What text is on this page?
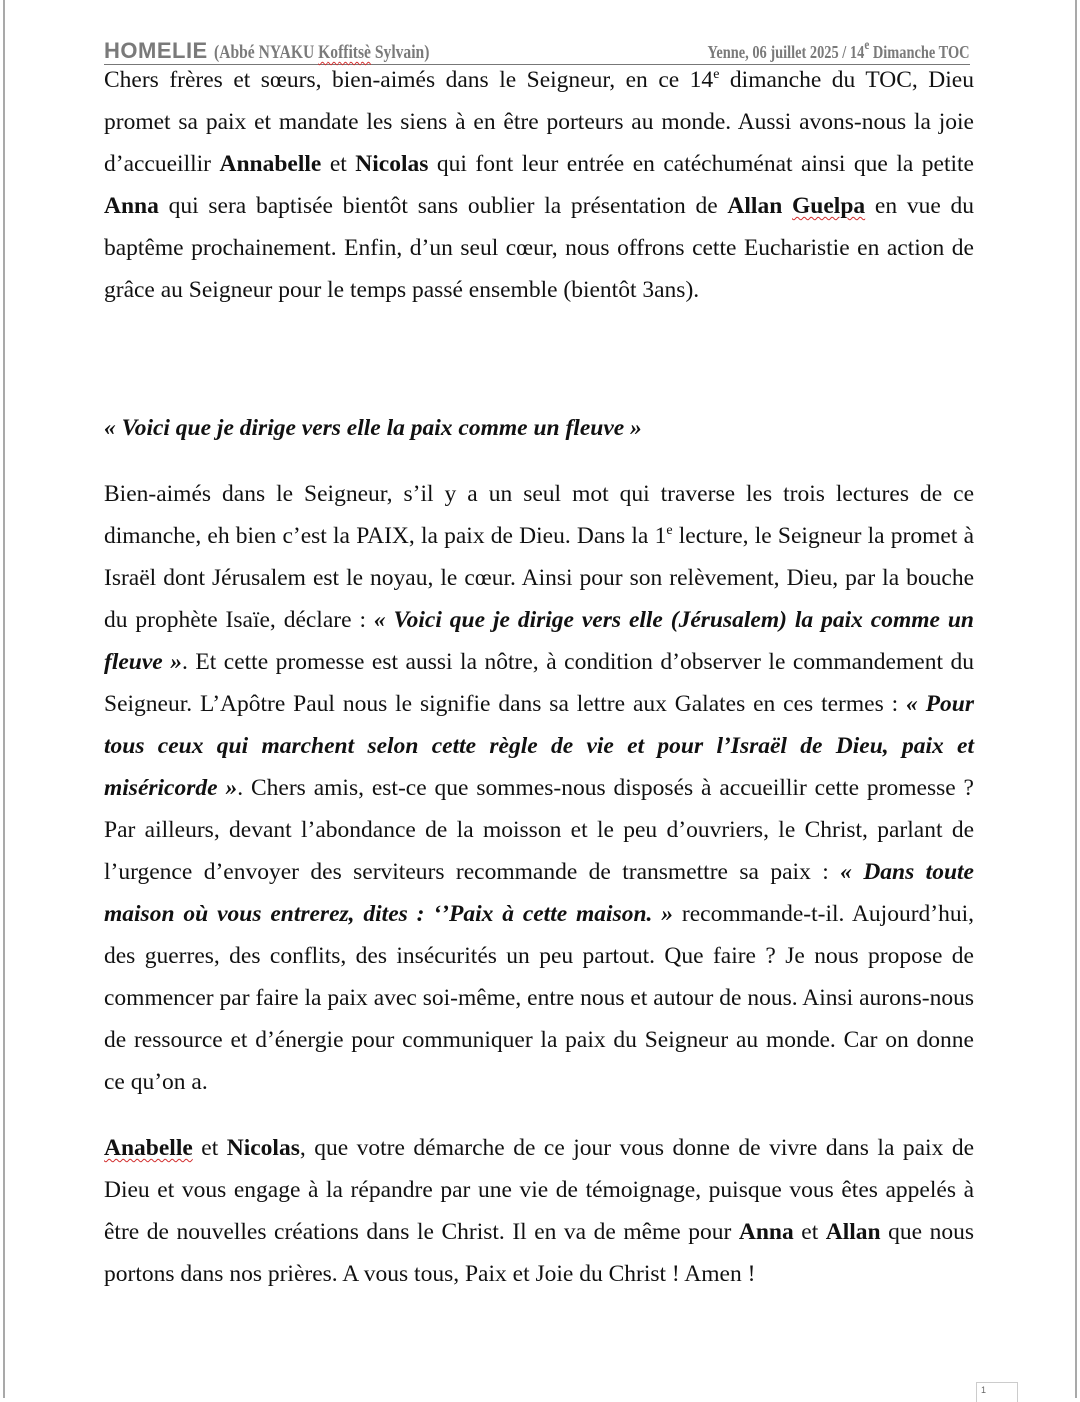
HOMELIE (Abbé NYAKU Koffitsè Sylvain)	Yenne, 06 juillet 2025 / 14e Dimanche TOC

Chers frères et sœurs, bien-aimés dans le Seigneur, en ce 14e dimanche du TOC, Dieu promet sa paix et mandate les siens à en être porteurs au monde. Aussi avons-nous la joie d’accueillir Annabelle et Nicolas qui font leur entrée en catéchuménat ainsi que la petite Anna qui sera baptisée bientôt sans oublier la présentation de Allan Guelpa en vue du baptême prochainement. Enfin, d’un seul cœur, nous offrons cette Eucharistie en action de grâce au Seigneur pour le temps passé ensemble (bientôt 3ans).

« Voici que je dirige vers elle la paix comme un fleuve »

Bien-aimés dans le Seigneur, s’il y a un seul mot qui traverse les trois lectures de ce dimanche, eh bien c’est la PAIX, la paix de Dieu. Dans la 1e lecture, le Seigneur la promet à Israël dont Jérusalem est le noyau, le cœur. Ainsi pour son relèvement, Dieu, par la bouche du prophète Isaïe, déclare : « Voici que je dirige vers elle (Jérusalem) la paix comme un fleuve ». Et cette promesse est aussi la nôtre, à condition d’observer le commandement du Seigneur. L’Apôtre Paul nous le signifie dans sa lettre aux Galates en ces termes : « Pour tous ceux qui marchent selon cette règle de vie et pour l’Israël de Dieu, paix et miséricorde ». Chers amis, est-ce que sommes-nous disposés à accueillir cette promesse ? Par ailleurs, devant l’abondance de la moisson et le peu d’ouvriers, le Christ, parlant de l’urgence d’envoyer des serviteurs recommande de transmettre sa paix : « Dans toute maison où vous entrerez, dites : ‘’Paix à cette maison. » recommande-t-il. Aujourd’hui, des guerres, des conflits, des insécurités un peu partout. Que faire ? Je nous propose de commencer par faire la paix avec soi-même, entre nous et autour de nous. Ainsi aurons-nous de ressource et d’énergie pour communiquer la paix du Seigneur au monde. Car on donne ce qu’on a.

Anabelle et Nicolas, que votre démarche de ce jour vous donne de vivre dans la paix de Dieu et vous engage à la répandre par une vie de témoignage, puisque vous êtes appelés à être de nouvelles créations dans le Christ. Il en va de même pour Anna et Allan que nous portons dans nos prières. A vous tous, Paix et Joie du Christ ! Amen !

1
